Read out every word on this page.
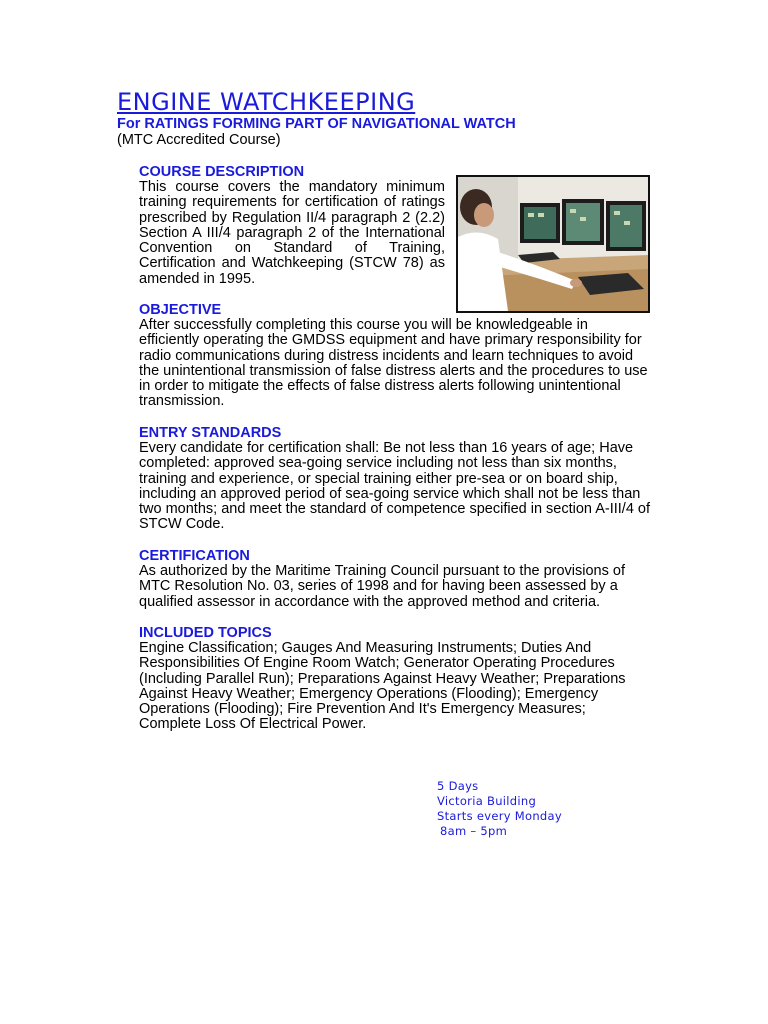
ENGINE WATCHKEEPING
For RATINGS FORMING PART OF NAVIGATIONAL WATCH
(MTC Accredited Course)
COURSE DESCRIPTION

This course covers the mandatory minimum training requirements for certification of ratings prescribed by Regulation II/4 paragraph 2 (2.2) Section A III/4 paragraph 2 of the International Convention on Standard of Training, Certification and Watchkeeping (STCW 78) as amended in 1995.

OBJECTIVE

After successfully completing this course you will be knowledgeable in efficiently operating the GMDSS equipment and have primary responsibility for radio communications during distress incidents and learn techniques to avoid the unintentional transmission of false distress alerts and the procedures to use in order to mitigate the effects of false distress alerts following unintentional transmission.

ENTRY STANDARDS

Every candidate for certification shall: Be not less than 16 years of age; Have completed: approved sea-going service including not less than six months, training and experience, or special training either pre-sea or on board ship, including an approved period of sea-going service which shall not be less than two months; and meet the standard of competence specified in section A-III/4 of STCW Code.

CERTIFICATION

As authorized by the Maritime Training Council pursuant to the provisions of MTC Resolution No. 03, series of 1998 and for having been assessed by a qualified assessor in accordance with the approved method and criteria.

INCLUDED TOPICS

Engine Classification; Gauges And Measuring Instruments; Duties And Responsibilities Of Engine Room Watch; Generator Operating Procedures (Including Parallel Run); Preparations Against Heavy Weather; Preparations Against Heavy Weather; Emergency Operations (Flooding); Emergency Operations (Flooding); Fire Prevention And It's Emergency Measures; Complete Loss Of Electrical Power.

5 Days
Victoria Building
Starts every Monday
8am – 5pm
